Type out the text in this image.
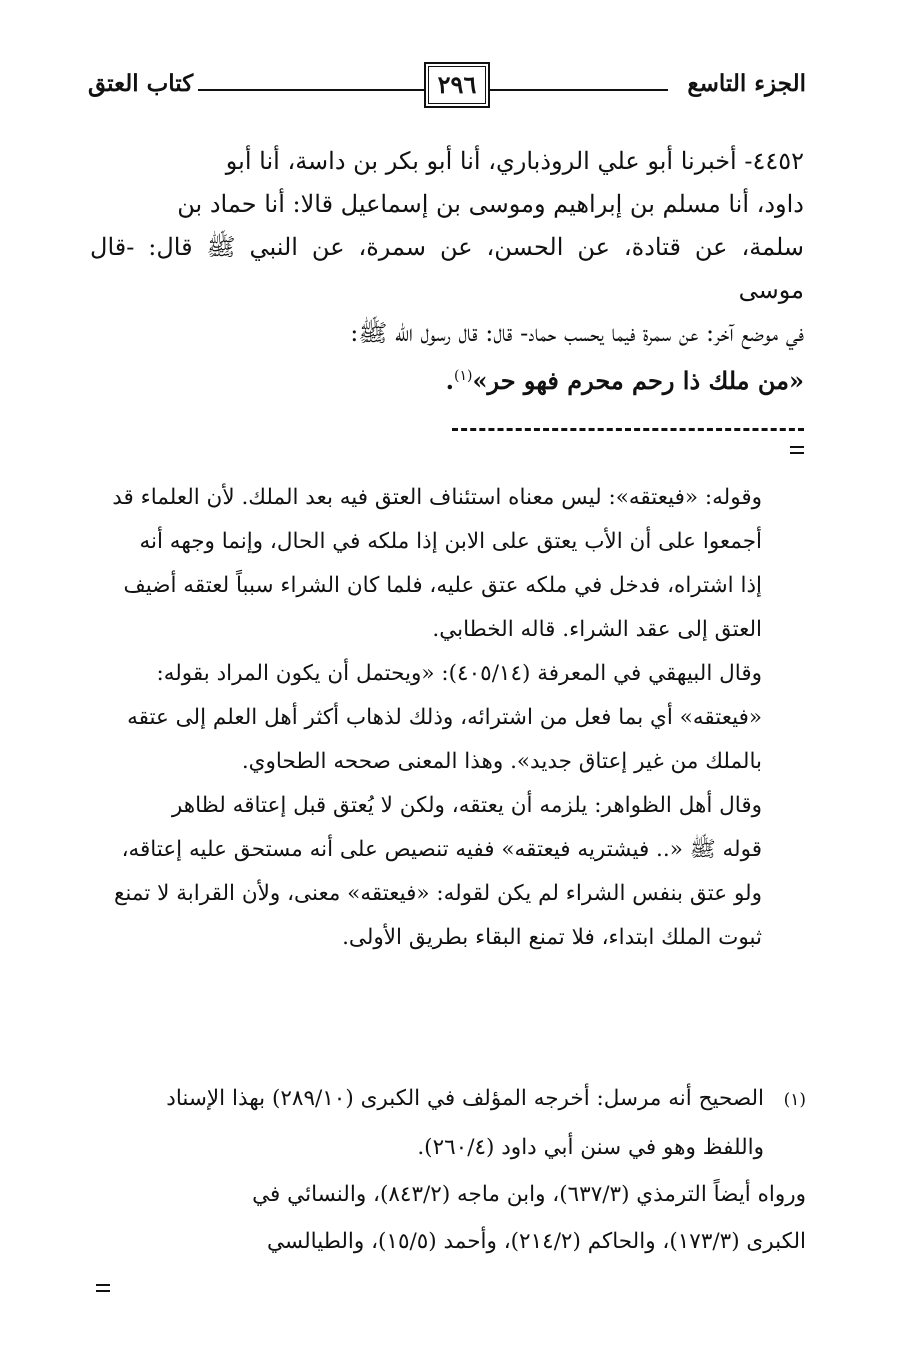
الجزء التاسع
٢٩٦
كتاب العتق

٤٤٥٢- أخبرنا أبو علي الروذباري، أنا أبو بكر بن داسة، أنا أبو

داود، أنا مسلم بن إبراهيم وموسى بن إسماعيل قالا: أنا حماد بن

سلمة، عن قتادة، عن الحسن، عن سمرة، عن النبي ﷺ قال: -قال موسى

في موضع آخر: عن سمرة فيما يحسب حماد- قال: قال رسول الله ﷺ:

«من ملك ذا رحم محرم فهو حر»$^{(١)}$.

وقوله: «فيعتقه»: ليس معناه استئناف العتق فيه بعد الملك. لأن العلماء قد

أجمعوا على أن الأب يعتق على الابن إذا ملكه في الحال، وإنما وجهه أنه

إذا اشتراه، فدخل في ملكه عتق عليه، فلما كان الشراء سبباً لعتقه أضيف

العتق إلى عقد الشراء. قاله الخطابي.

وقال البيهقي في المعرفة (٤٠٥/١٤): «ويحتمل أن يكون المراد بقوله:

«فيعتقه» أي بما فعل من اشترائه، وذلك لذهاب أكثر أهل العلم إلى عتقه

بالملك من غير إعتاق جديد». وهذا المعنى صححه الطحاوي.

وقال أهل الظواهر: يلزمه أن يعتقه، ولكن لا يُعتق قبل إعتاقه لظاهر

قوله ﷺ «.. فيشتريه فيعتقه» ففيه تنصيص على أنه مستحق عليه إعتاقه،

ولو عتق بنفس الشراء لم يكن لقوله: «فيعتقه» معنى، ولأن القرابة لا تمنع

ثبوت الملك ابتداء، فلا تمنع البقاء بطريق الأولى.

(١)الصحيح أنه مرسل: أخرجه المؤلف في الكبرى (٢٨٩/١٠) بهذا الإسناد

واللفظ وهو في سنن أبي داود (٢٦٠/٤).

ورواه أيضاً الترمذي (٦٣٧/٣)، وابن ماجه (٨٤٣/٢)، والنسائي في

الكبرى (١٧٣/٣)، والحاكم (٢١٤/٢)، وأحمد (١٥/٥)، والطيالسي
